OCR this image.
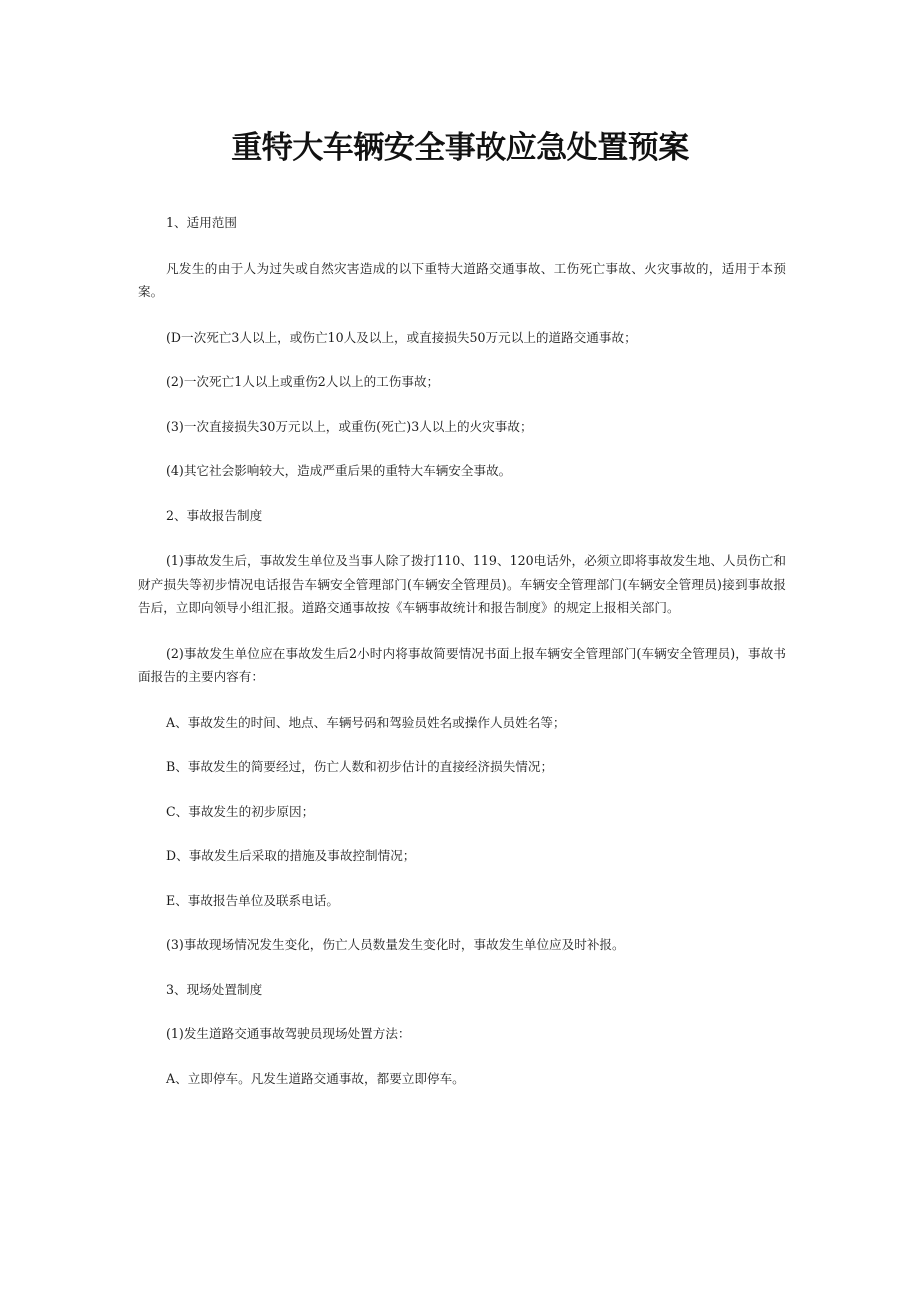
重特大车辆安全事故应急处置预案

1、适用范围

凡发生的由于人为过失或自然灾害造成的以下重特大道路交通事故、工伤死亡事故、火灾事故的，适用于本预案。

(D一次死亡3人以上，或伤亡10人及以上，或直接损失50万元以上的道路交通事故；

(2)一次死亡1人以上或重伤2人以上的工伤事故；

(3)一次直接损失30万元以上，或重伤(死亡)3人以上的火灾事故；

(4)其它社会影响较大，造成严重后果的重特大车辆安全事故。

2、事故报告制度

(1)事故发生后，事故发生单位及当事人除了拨打110、119、120电话外，必须立即将事故发生地、人员伤亡和财产损失等初步情况电话报告车辆安全管理部门(车辆安全管理员)。车辆安全管理部门(车辆安全管理员)接到事故报告后，立即向领导小组汇报。道路交通事故按《车辆事故统计和报告制度》的规定上报相关部门。

(2)事故发生单位应在事故发生后2小时内将事故简要情况书面上报车辆安全管理部门(车辆安全管理员)，事故书面报告的主要内容有：

A、事故发生的时间、地点、车辆号码和驾验员姓名或操作人员姓名等；

B、事故发生的简要经过，伤亡人数和初步估计的直接经济损失情况；

C、事故发生的初步原因；

D、事故发生后采取的措施及事故控制情况；

E、事故报告单位及联系电话。

(3)事故现场情况发生变化，伤亡人员数量发生变化时，事故发生单位应及时补报。

3、现场处置制度

(1)发生道路交通事故驾驶员现场处置方法：

A、立即停车。凡发生道路交通事故，都要立即停车。
